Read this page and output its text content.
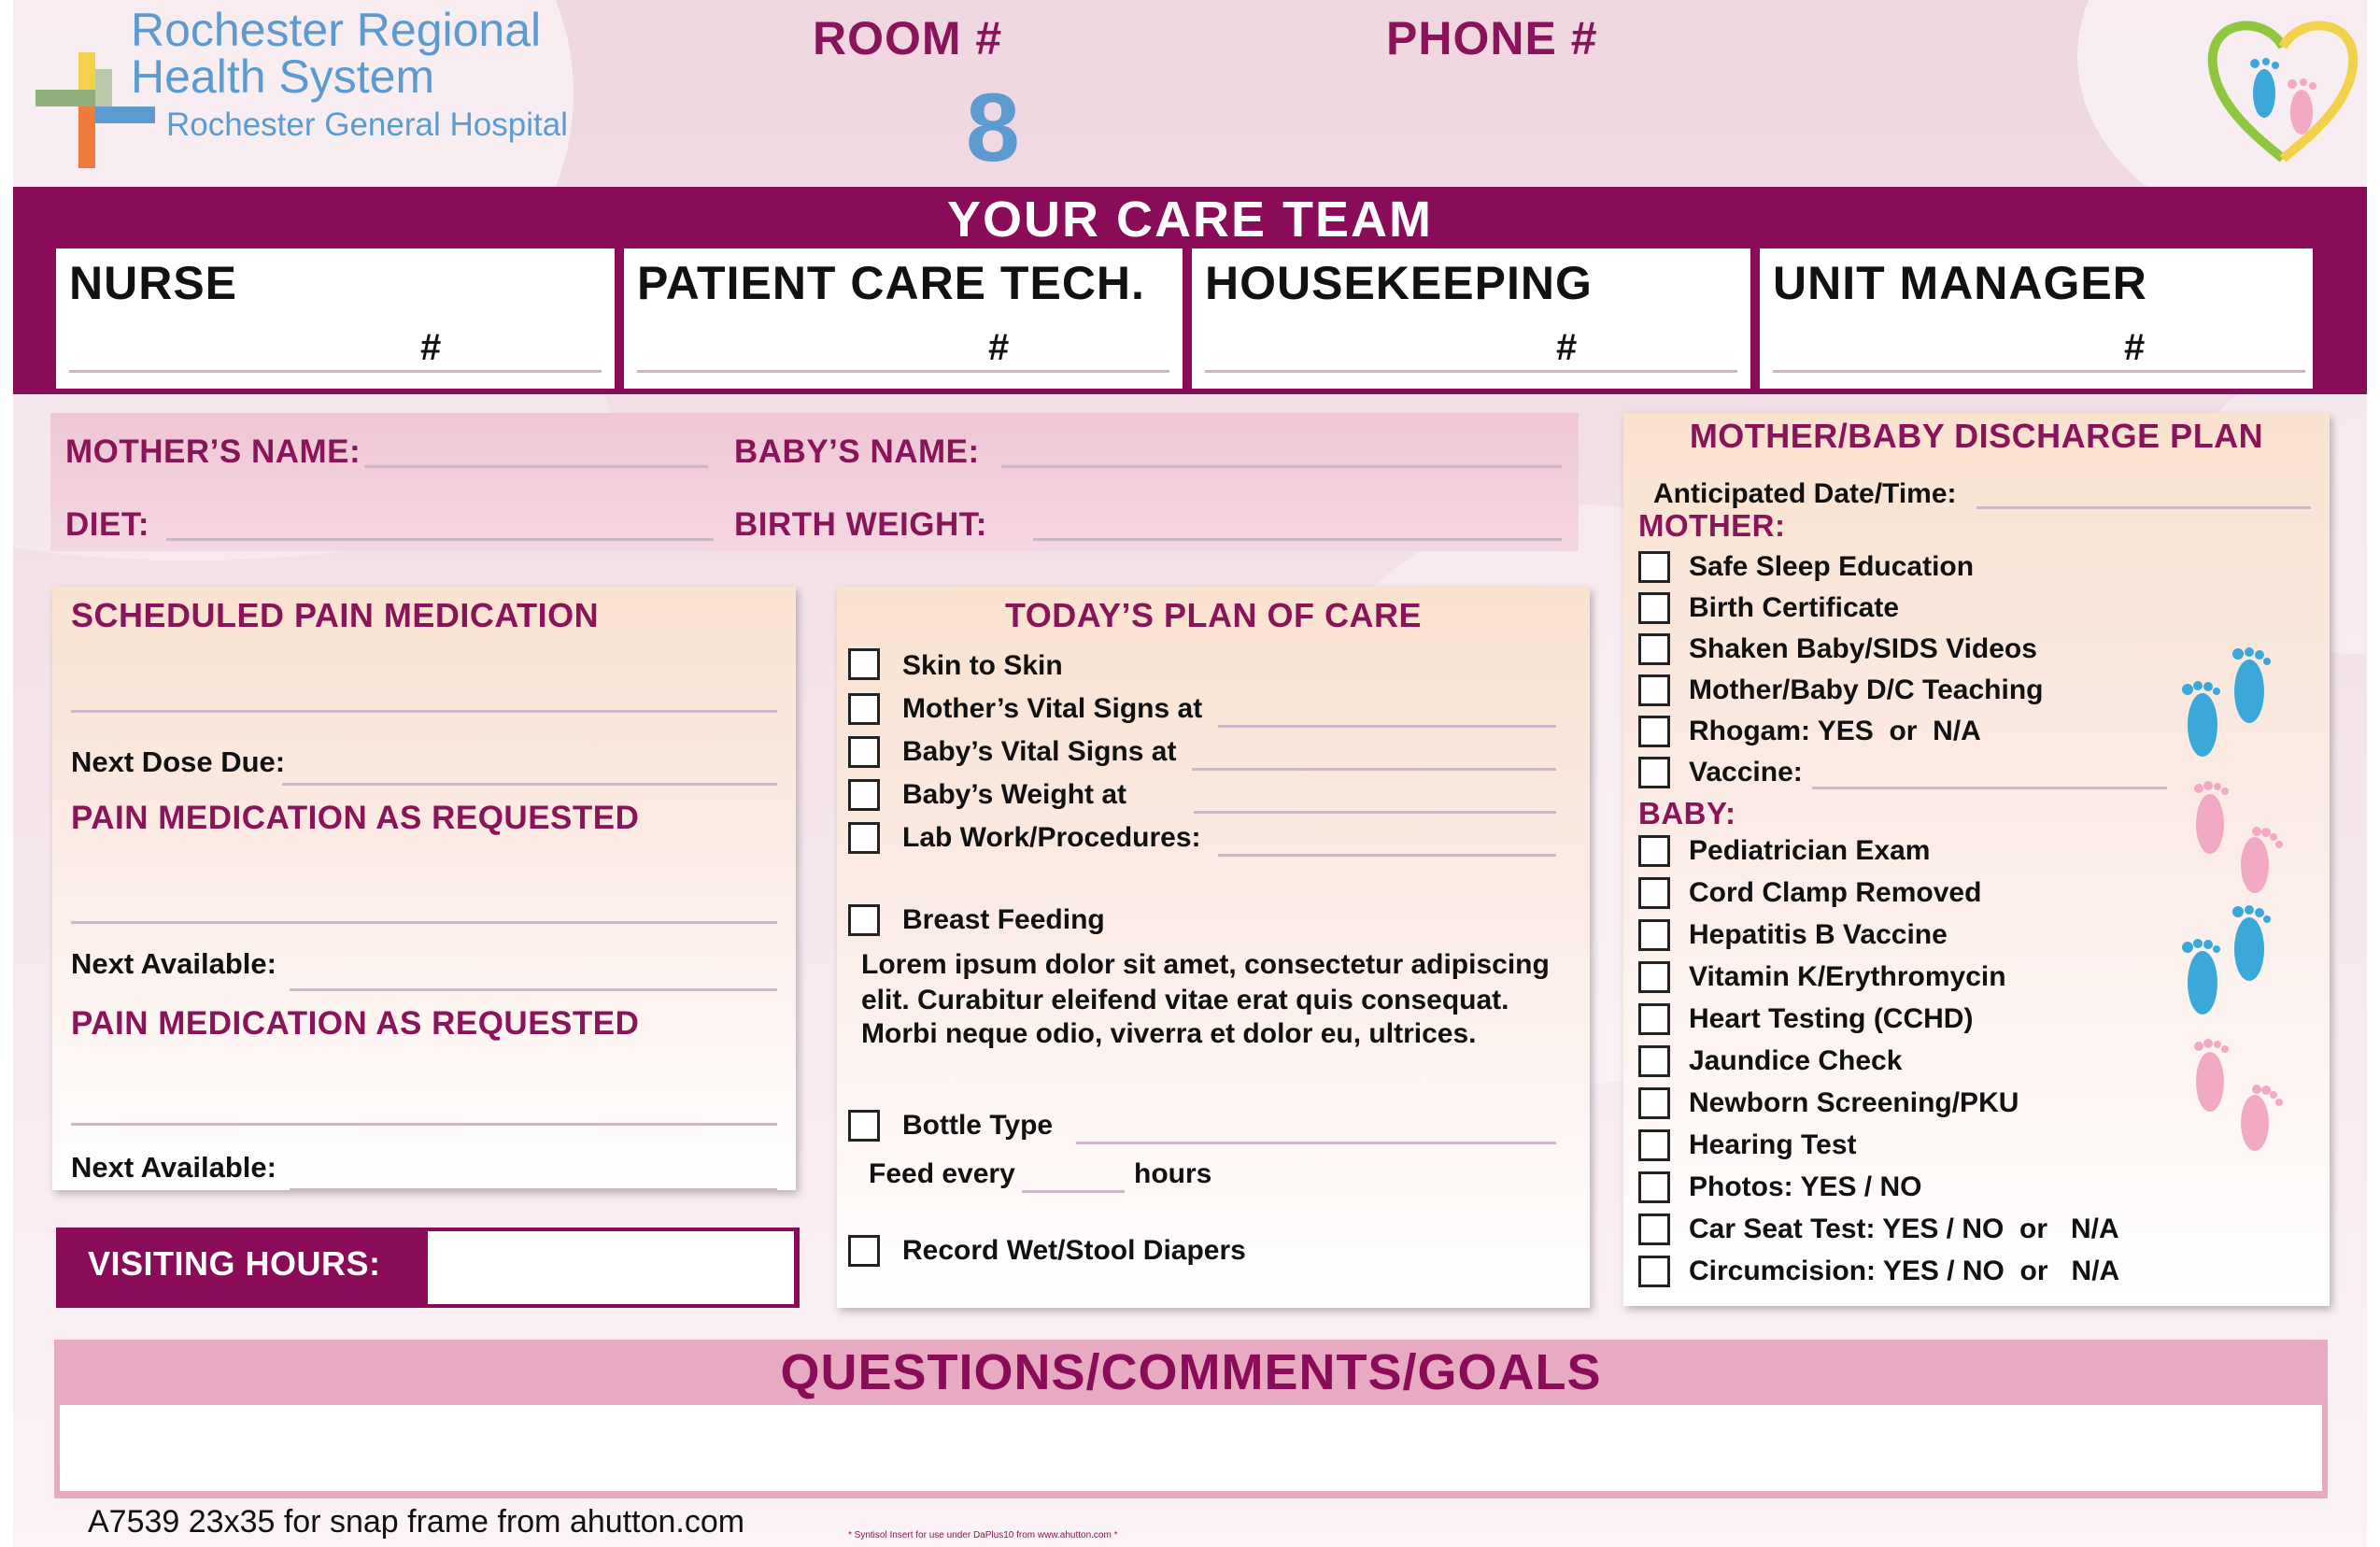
Rochester Regional
Health System
Rochester General Hospital
ROOM #
8
PHONE #
YOUR CARE TEAM
NURSE
#
PATIENT CARE TECH.
#
HOUSEKEEPING
#
UNIT MANAGER
#
MOTHER’S NAME:	BABY’S NAME:
DIET:	BIRTH WEIGHT:
SCHEDULED PAIN MEDICATION
Next Dose Due:
PAIN MEDICATION AS REQUESTED
Next Available:
PAIN MEDICATION AS REQUESTED
Next Available:
VISITING HOURS:
TODAY’S PLAN OF CARE
Skin to Skin
Mother’s Vital Signs at
Baby’s Vital Signs at
Baby’s Weight at
Lab Work/Procedures:
Breast Feeding
Lorem ipsum dolor sit amet, consectetur adipiscing
elit. Curabitur eleifend vitae erat quis consequat.
Morbi neque odio, viverra et dolor eu, ultrices.
Bottle Type
Feed every	hours
Record Wet/Stool Diapers
MOTHER/BABY DISCHARGE PLAN
Anticipated Date/Time:
MOTHER:
Safe Sleep Education
Birth Certificate
Shaken Baby/SIDS Videos
Mother/Baby D/C Teaching
Rhogam: YES  or  N/A
Vaccine:
BABY:
Pediatrician Exam
Cord Clamp Removed
Hepatitis B Vaccine
Vitamin K/Erythromycin
Heart Testing (CCHD)
Jaundice Check
Newborn Screening/PKU
Hearing Test
Photos: YES / NO
Car Seat Test: YES / NO  or   N/A
Circumcision: YES / NO  or   N/A
QUESTIONS/COMMENTS/GOALS
A7539 23x35 for snap frame from ahutton.com	* Syntisol Insert for use under DaPlus10 from www.ahutton.com *
